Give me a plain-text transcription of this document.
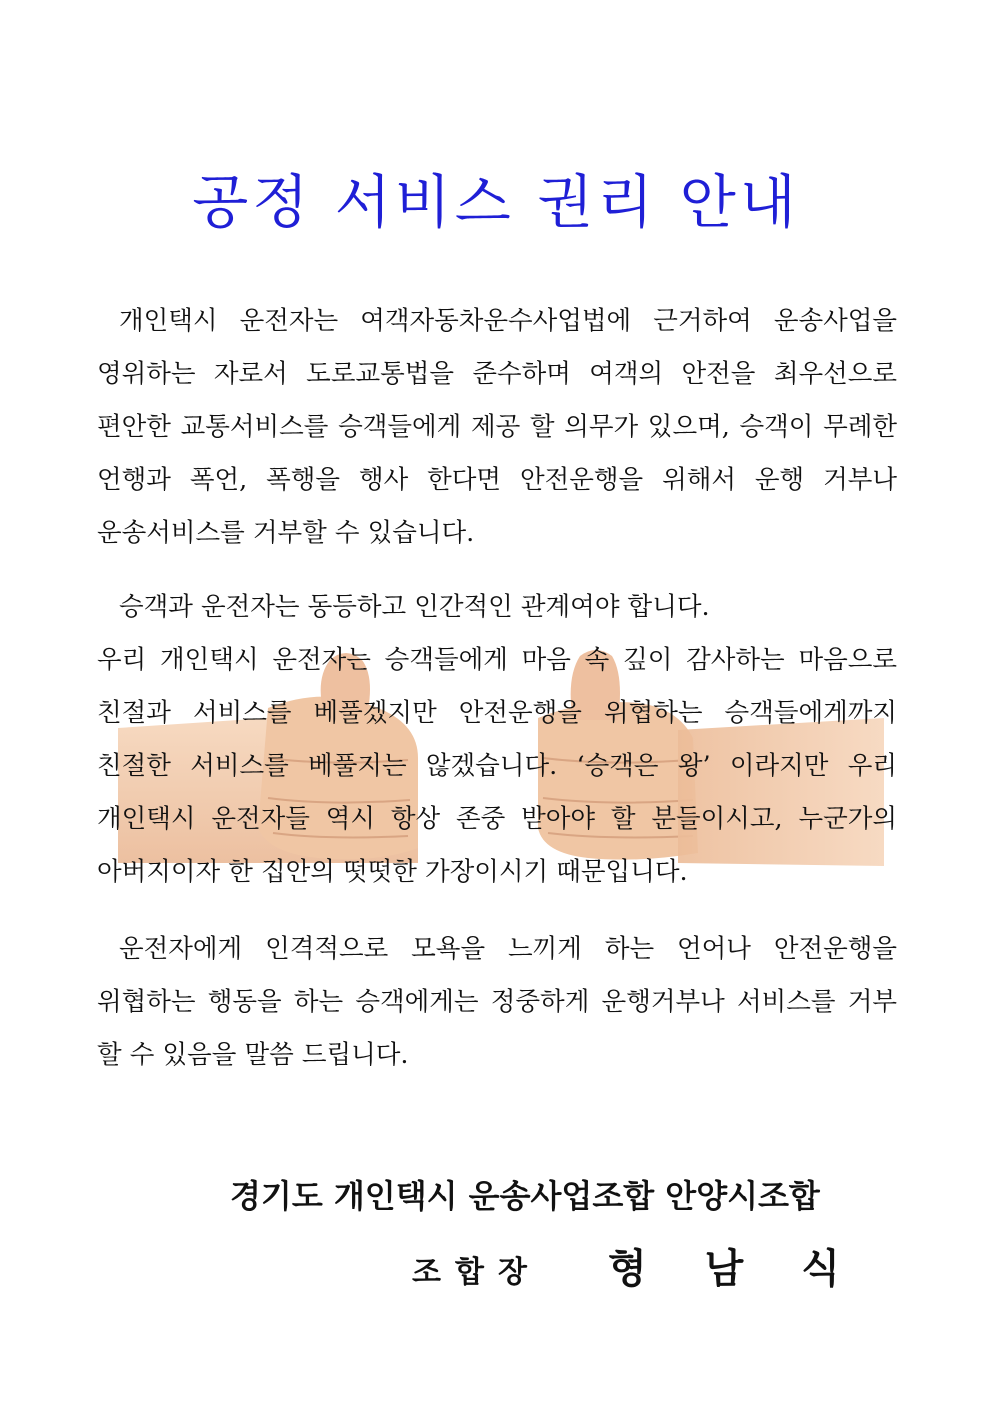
공정 서비스 권리 안내

개인택시 운전자는 여객자동차운수사업법에 근거하여 운송사업을 영위하는 자로서 도로교통법을 준수하며 여객의 안전을 최우선으로 편안한 교통서비스를 승객들에게 제공 할 의무가 있으며, 승객이 무례한 언행과 폭언, 폭행을 행사 한다면 안전운행을 위해서 운행 거부나 운송서비스를 거부할 수 있습니다.

승객과 운전자는 동등하고 인간적인 관계여야 합니다.
우리 개인택시 운전자는 승객들에게 마음 속 깊이 감사하는 마음으로 친절과 서비스를 베풀겠지만 안전운행을 위협하는 승객들에게까지 친절한 서비스를 베풀지는 않겠습니다. ‘승객은 왕’ 이라지만 우리 개인택시 운전자들 역시 항상 존중 받아야 할 분들이시고, 누군가의 아버지이자 한 집안의 떳떳한 가장이시기 때문입니다.

운전자에게 인격적으로 모욕을 느끼게 하는 언어나 안전운행을 위협하는 행동을 하는 승객에게는 정중하게 운행거부나 서비스를 거부 할 수 있음을 말씀 드립니다.

경기도 개인택시 운송사업조합 안양시조합

조합장 형남식
